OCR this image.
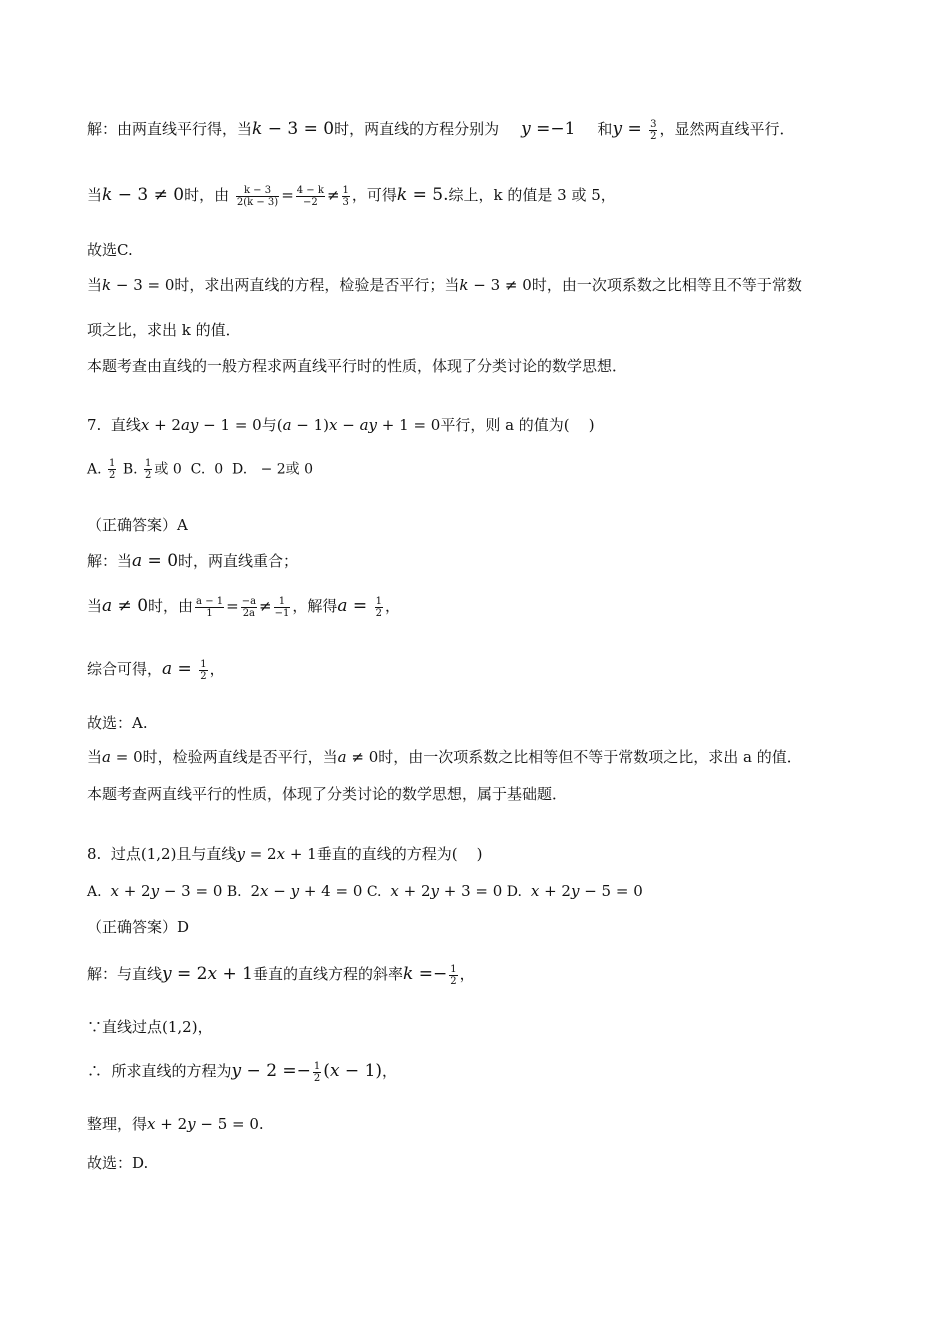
解：由两直线平行得，当k − 3 = 0时，两直线的方程分别为 y =−1 和$y = \frac{3}{2}$ ，显然两直线平行．
当k − 3 ≠ 0时，由 $\frac{k - 3}{2(k - 3)} = \frac{4 - k}{-2} \ne \frac{1}{3}$ ，可得k = 5.综上，k 的值是 3 或 5，
故选C.
当k − 3 = 0时，求出两直线的方程，检验是否平行；当k − 3 ≠ 0时，由一次项系数之比相等且不等于常数
项之比，求出 k 的值．
本题考查由直线的一般方程求两直线平行时的性质，体现了分类讨论的数学思想．
7.  直线x + 2ay − 1 = 0与(a − 1)x − ay + 1 = 0平行，则 a 的值为(    )
A. $\frac{1}{2} B$. $\frac{1}{2}$ 或 0  C.  0  D.   − 2或 0
（正确答案）A
解：当a = 0时，两直线重合；
当a ≠ 0时，由 $\frac{a - 1}{1} = \frac{-a}{2a} \ne \frac{1}{-1}$ ，解得$a = \frac{1}{2}$ ，
综合可得，$a = \frac{1}{2}$ ，
故选：A.
当a = 0时，检验两直线是否平行，当a ≠ 0时，由一次项系数之比相等但不等于常数项之比，求出 a 的值．
本题考查两直线平行的性质，体现了分类讨论的数学思想，属于基础题．
8.  过点(1,2)且与直线y = 2x + 1垂直的直线的方程为(    )
A.  x + 2y − 3 = 0 B.  2x − y + 4 = 0 C.  x + 2y + 3 = 0 D.  x + 2y − 5 = 0
（正确答案）D
解：与直线y = 2x + 1垂直的直线方程的斜率$k =- \frac{1}{2}$ ，
∵直线过点(1,2)，
∴  所求直线的方程为$y - 2 =- \frac{1}{2} (x - 1)$，
整理，得x + 2y − 5 = 0.
故选：D.
